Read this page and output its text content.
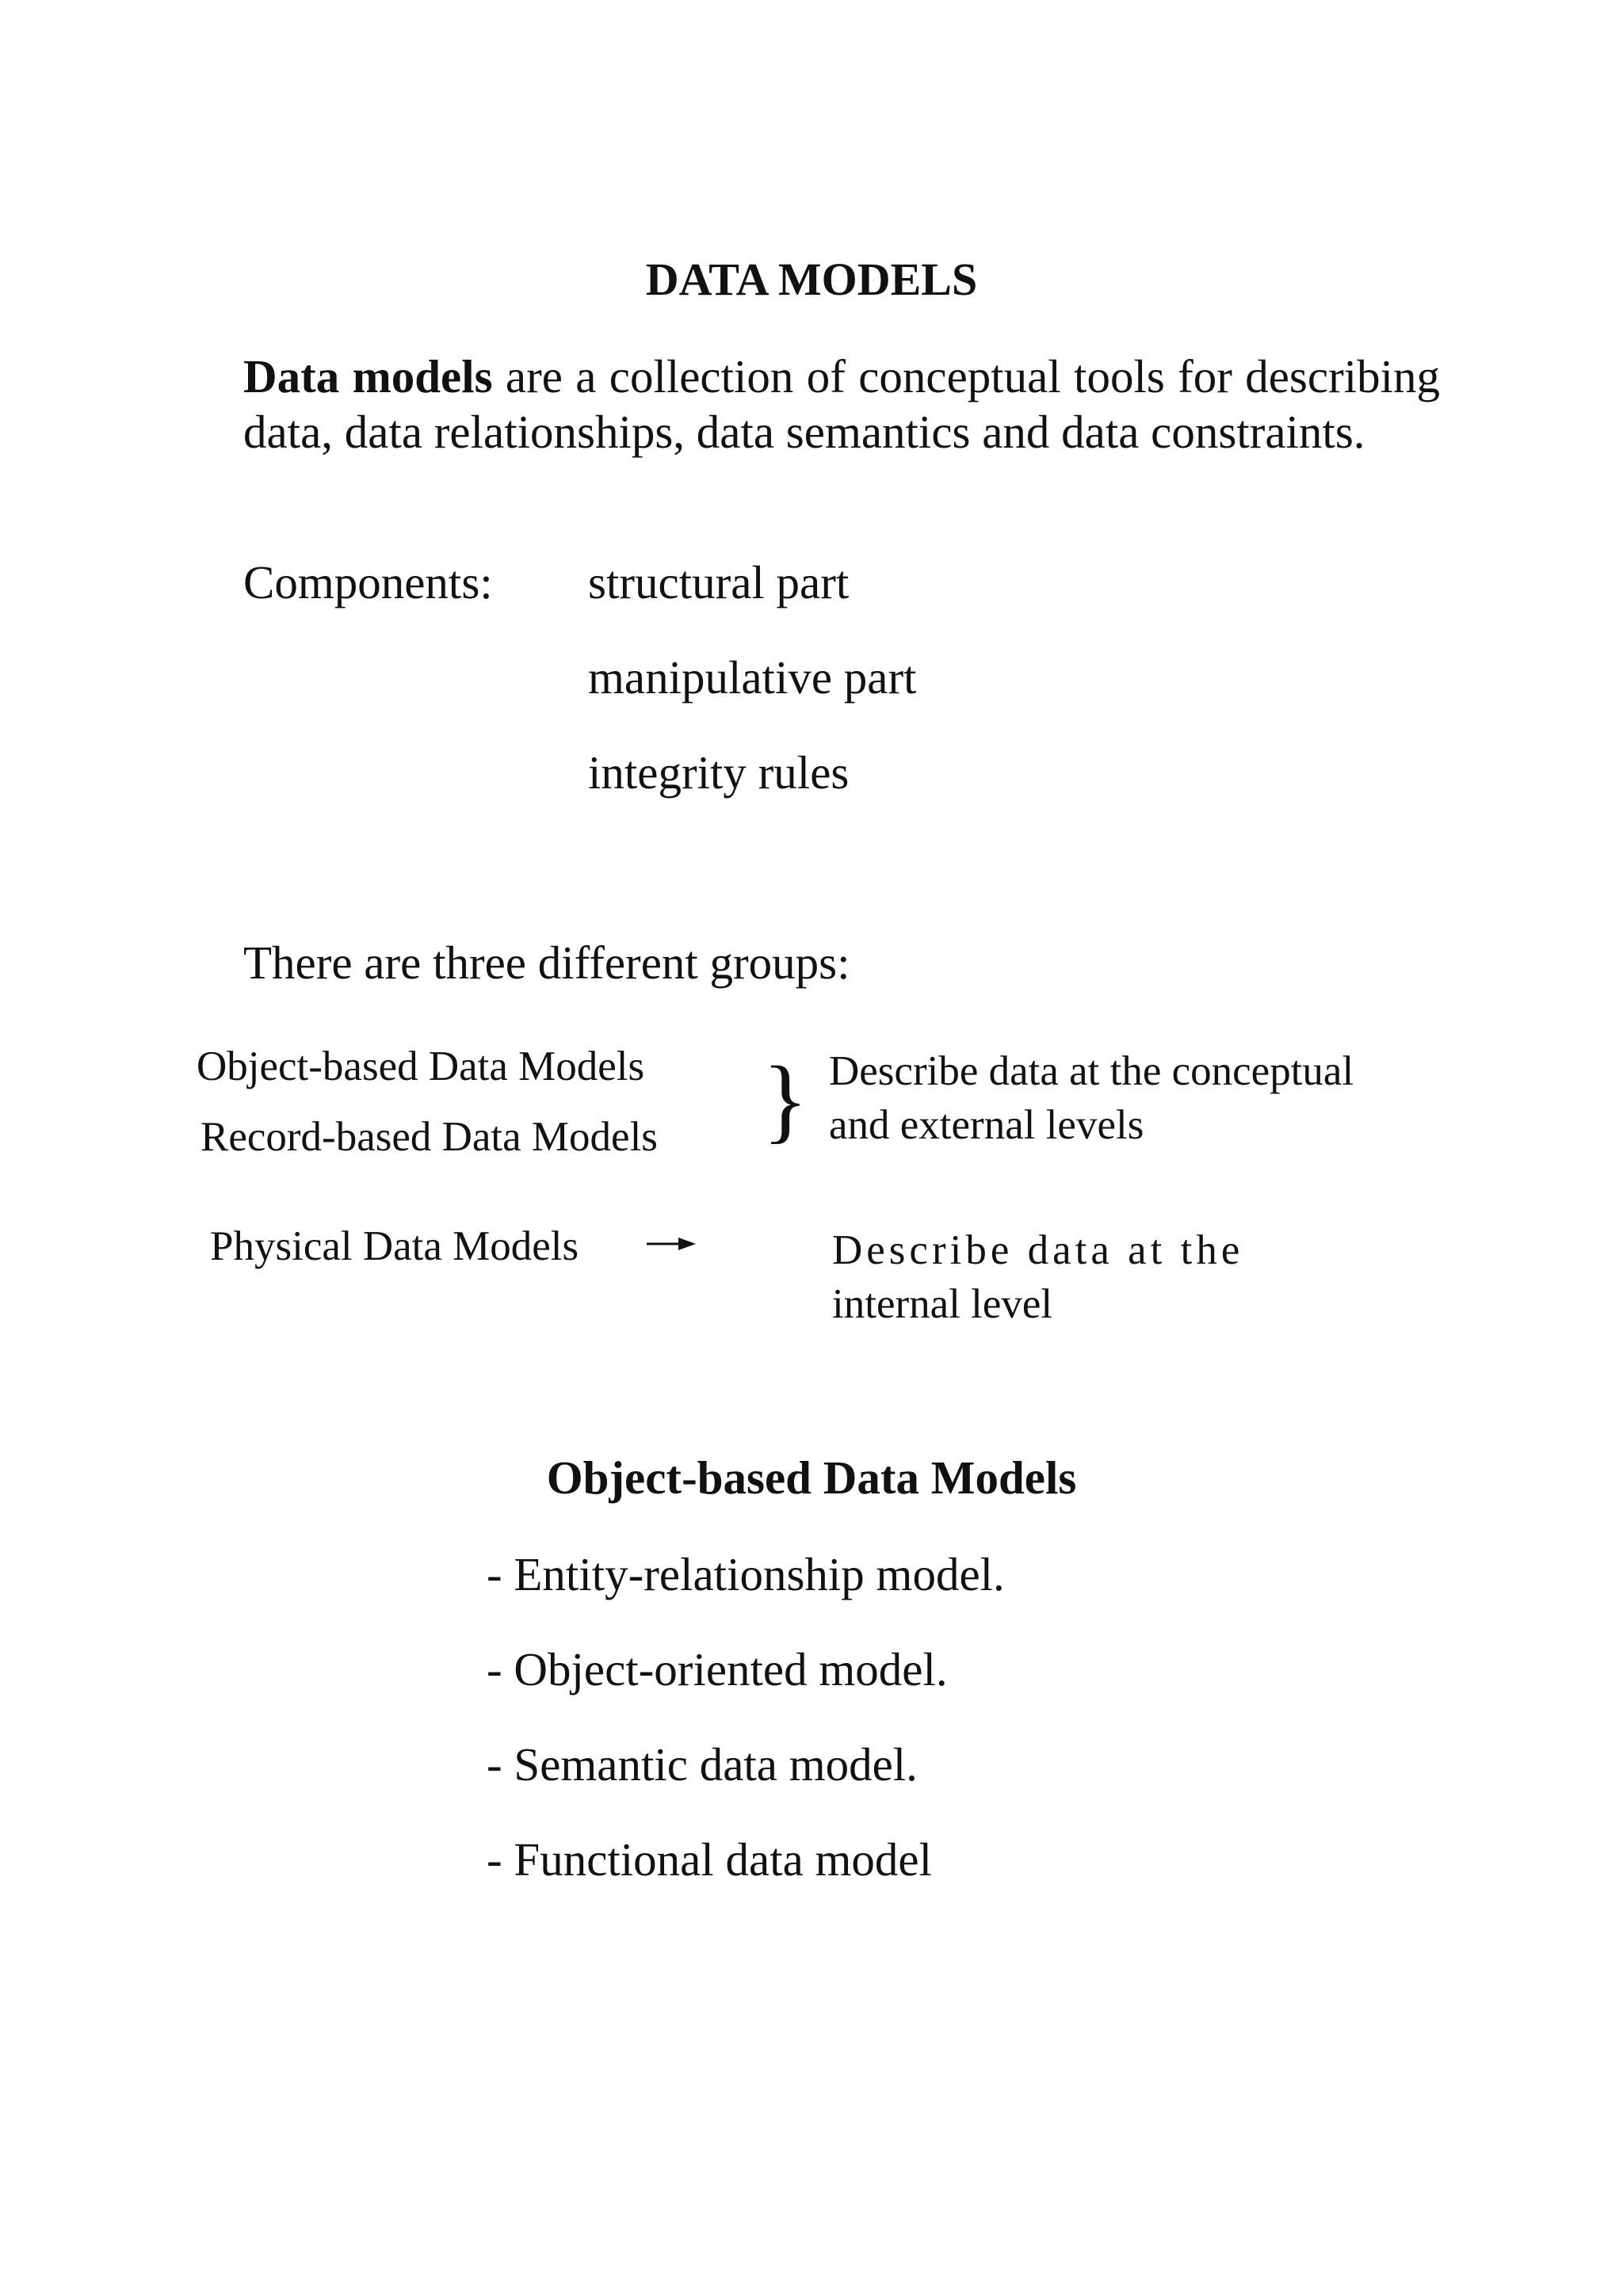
DATA MODELS
Data models are a collection of conceptual tools for describing data, data relationships, data semantics and data constraints.
Components: structural part
manipulative part
integrity rules
There are three different groups:
Object-based Data Models
Record-based Data Models } Describe data at the conceptual
and external levels
Physical Data Models	Describe data at the
internal level
Object-based Data Models
- Entity-relationship model.
- Object-oriented model.
- Semantic data model.
- Functional data model
